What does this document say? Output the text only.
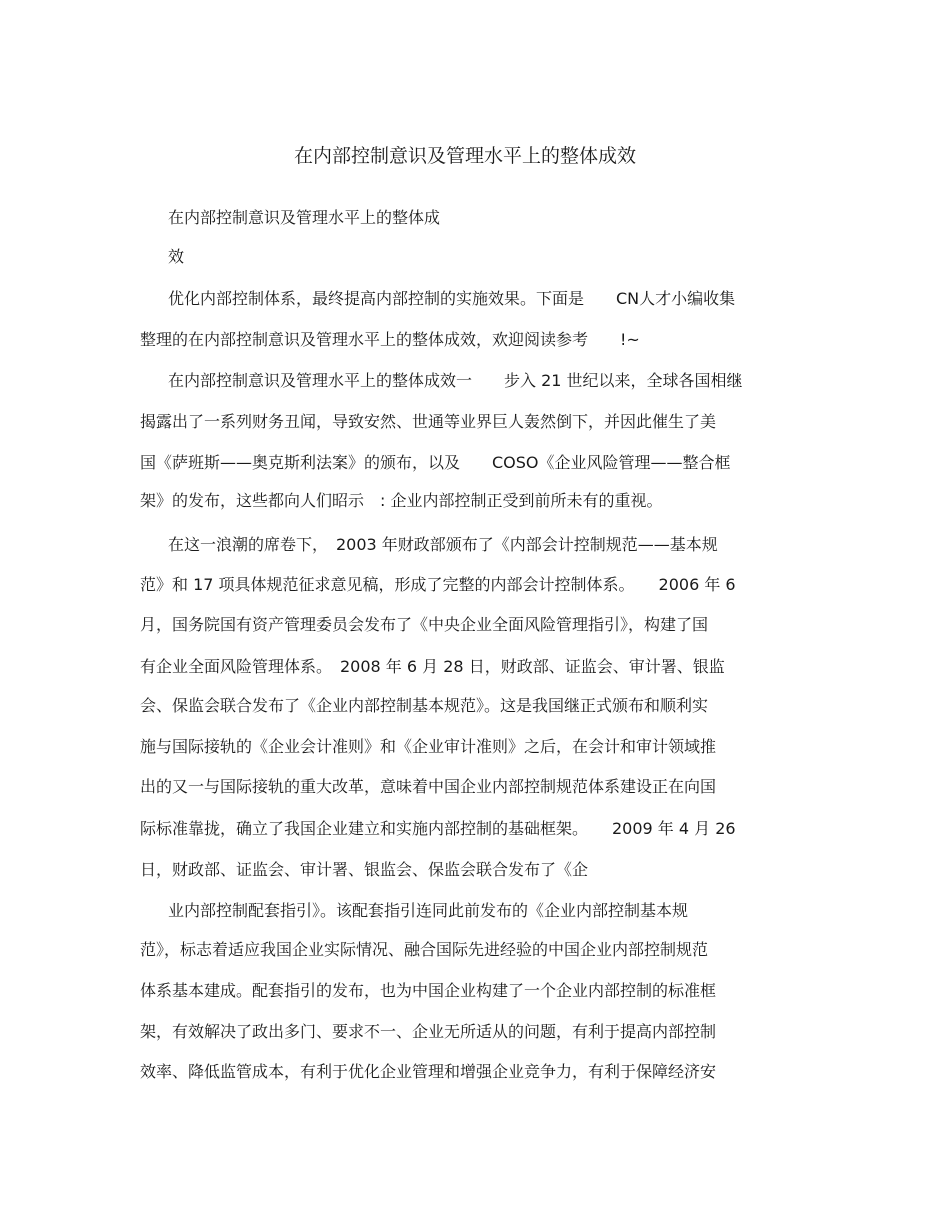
在内部控制意识及管理水平上的整体成效
在内部控制意识及管理水平上的整体成
效
优化内部控制体系，最终提高内部控制的实施效果。下面是　　CN人才小编收集
整理的在内部控制意识及管理水平上的整体成效，欢迎阅读参考　　!~
在内部控制意识及管理水平上的整体成效一　　步入 21 世纪以来，全球各国相继
揭露出了一系列财务丑闻，导致安然、世通等业界巨人轰然倒下，并因此催生了美
国《萨班斯——奥克斯利法案》的颁布，以及　　COSO《企业风险管理——整合框
架》的发布，这些都向人们昭示　: 企业内部控制正受到前所未有的重视。
在这一浪潮的席卷下，　2003 年财政部颁布了《内部会计控制规范——基本规
范》和 17 项具体规范征求意见稿，形成了完整的内部会计控制体系。　　2006 年 6
月，国务院国有资产管理委员会发布了《中央企业全面风险管理指引》，构建了国
有企业全面风险管理体系。　2008 年 6 月 28 日，财政部、证监会、审计署、银监
会、保监会联合发布了《企业内部控制基本规范》。这是我国继正式颁布和顺利实
施与国际接轨的《企业会计准则》和《企业审计准则》之后，在会计和审计领域推
出的又一与国际接轨的重大改革，意味着中国企业内部控制规范体系建设正在向国
际标准靠拢，确立了我国企业建立和实施内部控制的基础框架。　　2009 年 4 月 26
日，财政部、证监会、审计署、银监会、保监会联合发布了《企
业内部控制配套指引》。该配套指引连同此前发布的《企业内部控制基本规
范》，标志着适应我国企业实际情况、融合国际先进经验的中国企业内部控制规范
体系基本建成。配套指引的发布，也为中国企业构建了一个企业内部控制的标准框
架，有效解决了政出多门、要求不一、企业无所适从的问题，有利于提高内部控制
效率、降低监管成本，有利于优化企业管理和增强企业竞争力，有利于保障经济安
